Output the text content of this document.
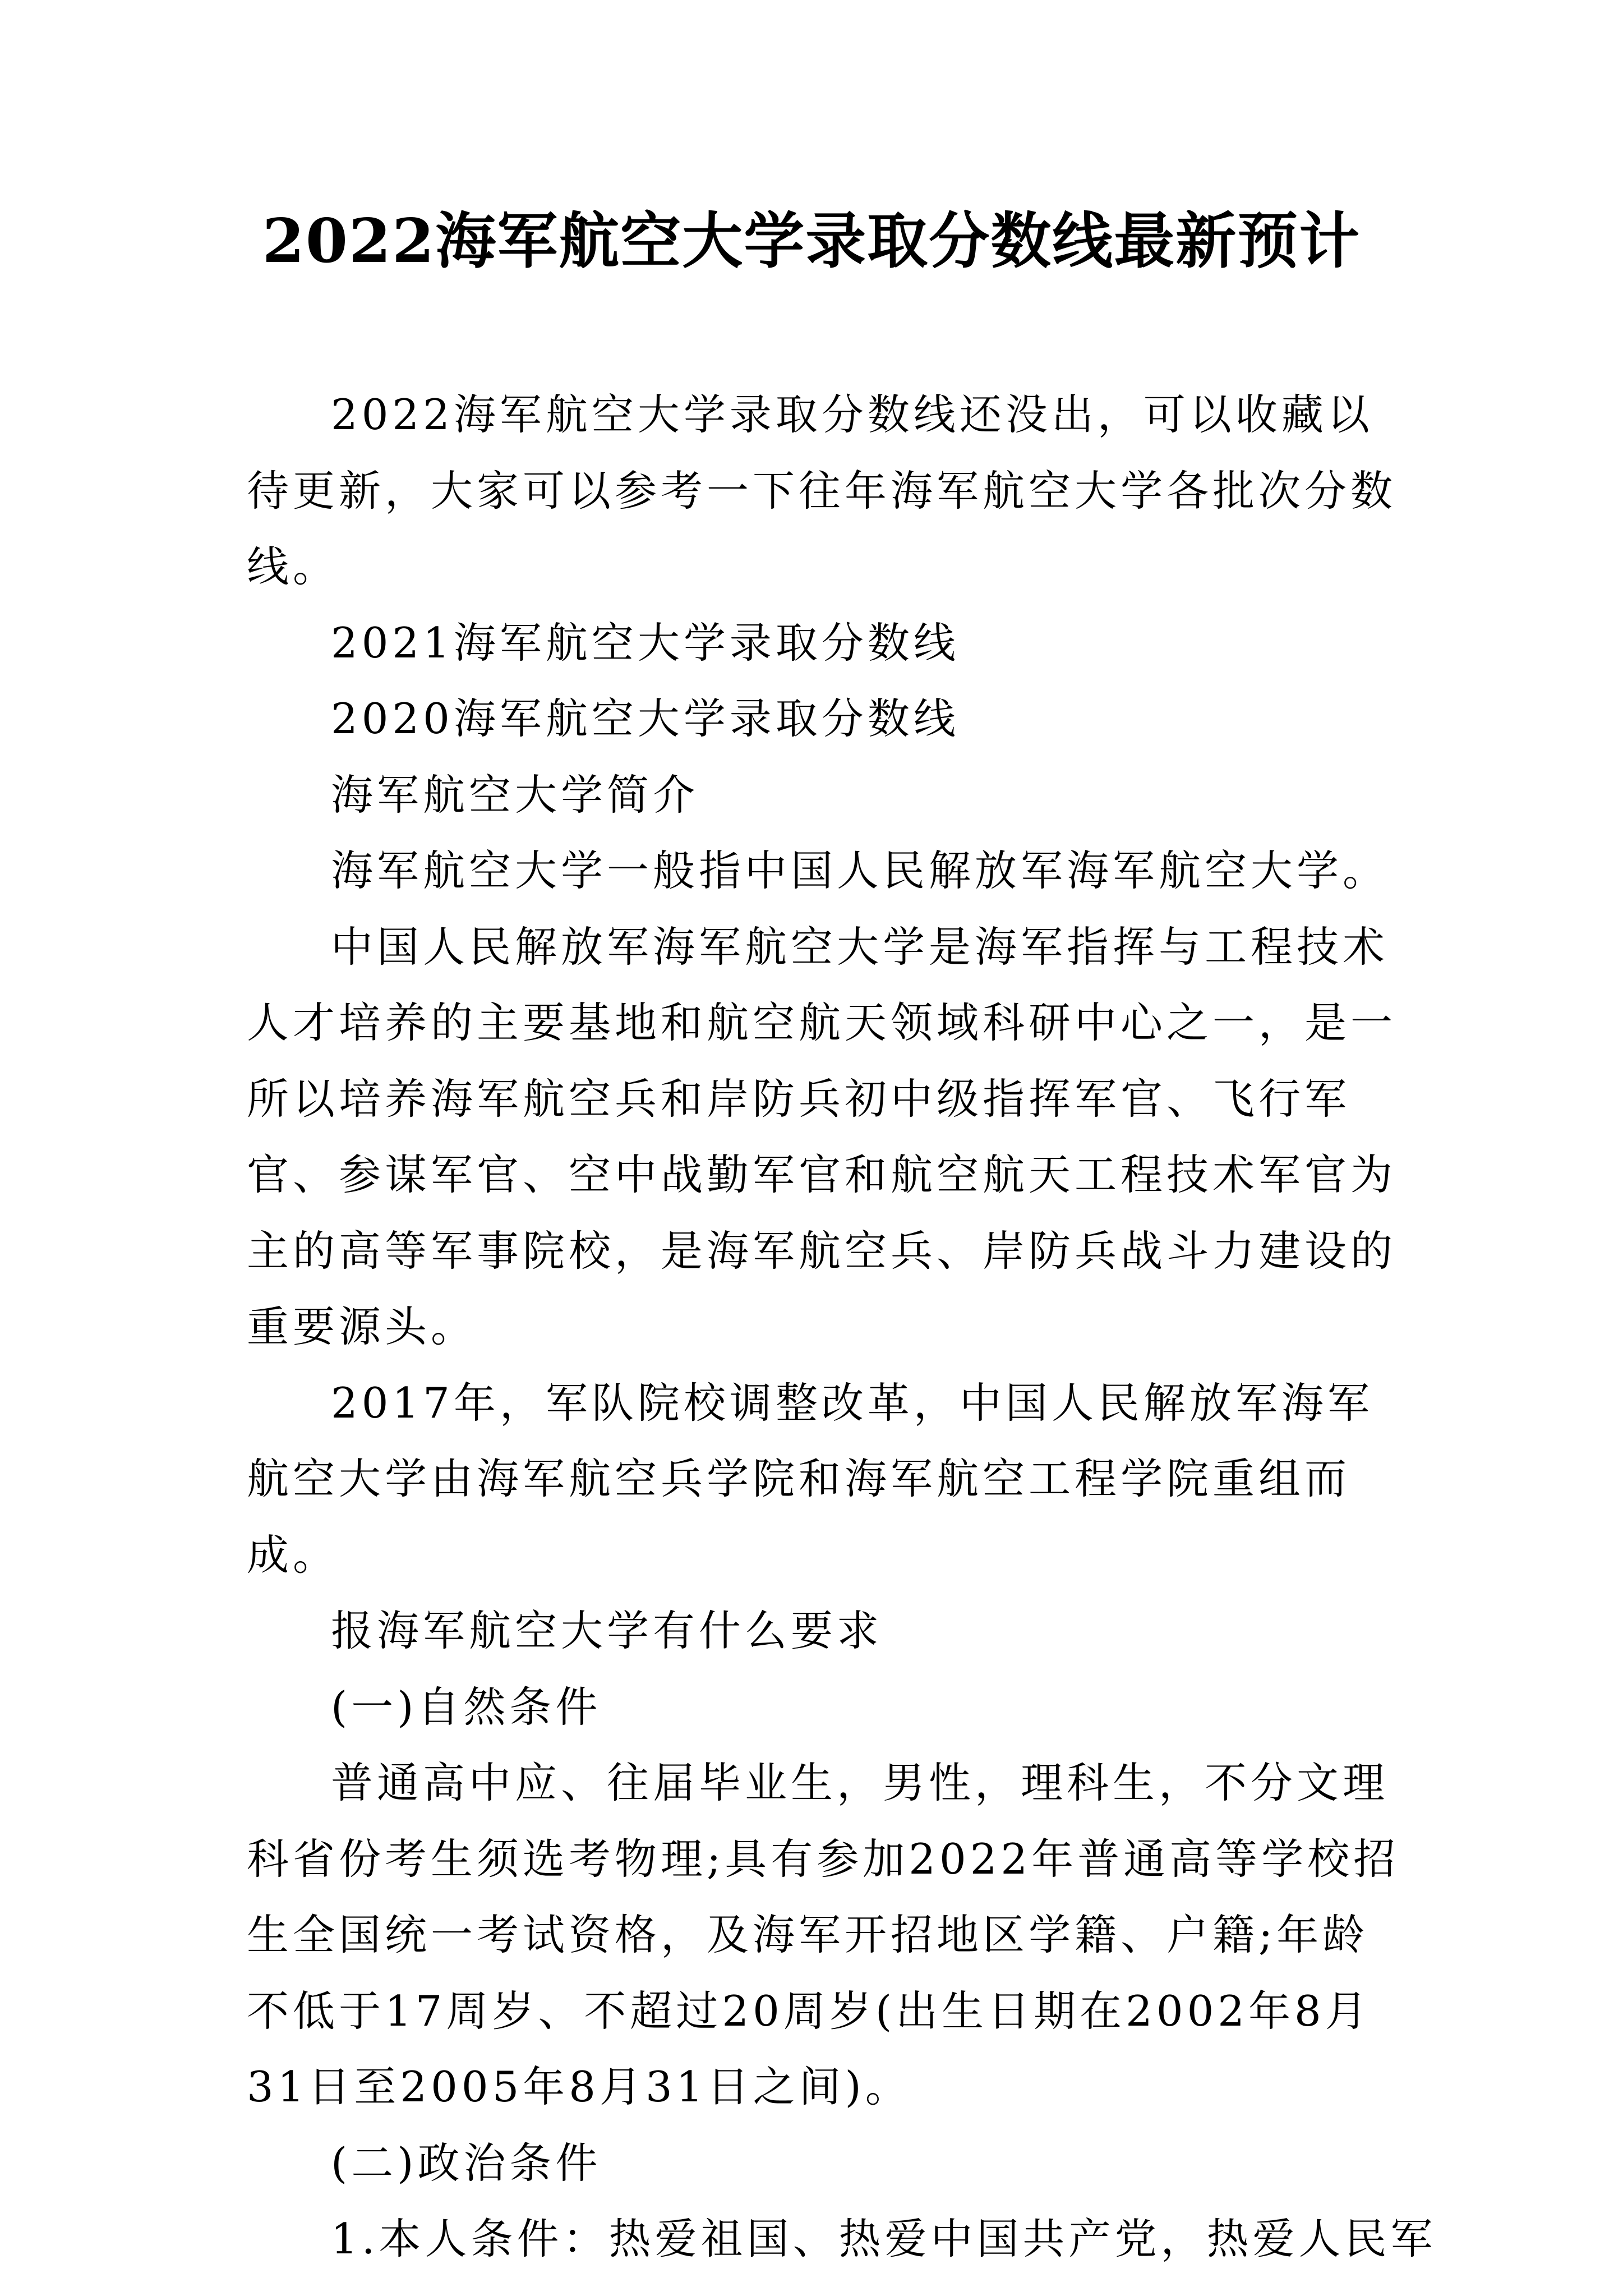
2022海军航空大学录取分数线最新预计

2022海军航空大学录取分数线还没出，可以收藏以待更新，大家可以参考一下往年海军航空大学各批次分数线。

2021海军航空大学录取分数线

2020海军航空大学录取分数线

海军航空大学简介

海军航空大学一般指中国人民解放军海军航空大学。

中国人民解放军海军航空大学是海军指挥与工程技术人才培养的主要基地和航空航天领域科研中心之一，是一所以培养海军航空兵和岸防兵初中级指挥军官、飞行军官、参谋军官、空中战勤军官和航空航天工程技术军官为主的高等军事院校，是海军航空兵、岸防兵战斗力建设的重要源头。

2017年，军队院校调整改革，中国人民解放军海军航空大学由海军航空兵学院和海军航空工程学院重组而成。

报海军航空大学有什么要求

(一)自然条件

普通高中应、往届毕业生，男性，理科生，不分文理科省份考生须选考物理;具有参加2022年普通高等学校招生全国统一考试资格，及海军开招地区学籍、户籍;年龄不低于17周岁、不超过20周岁(出生日期在2002年8月31日至2005年8月31日之间)。

(二)政治条件

1.本人条件：热爱祖国、热爱中国共产党，热爱人民军
